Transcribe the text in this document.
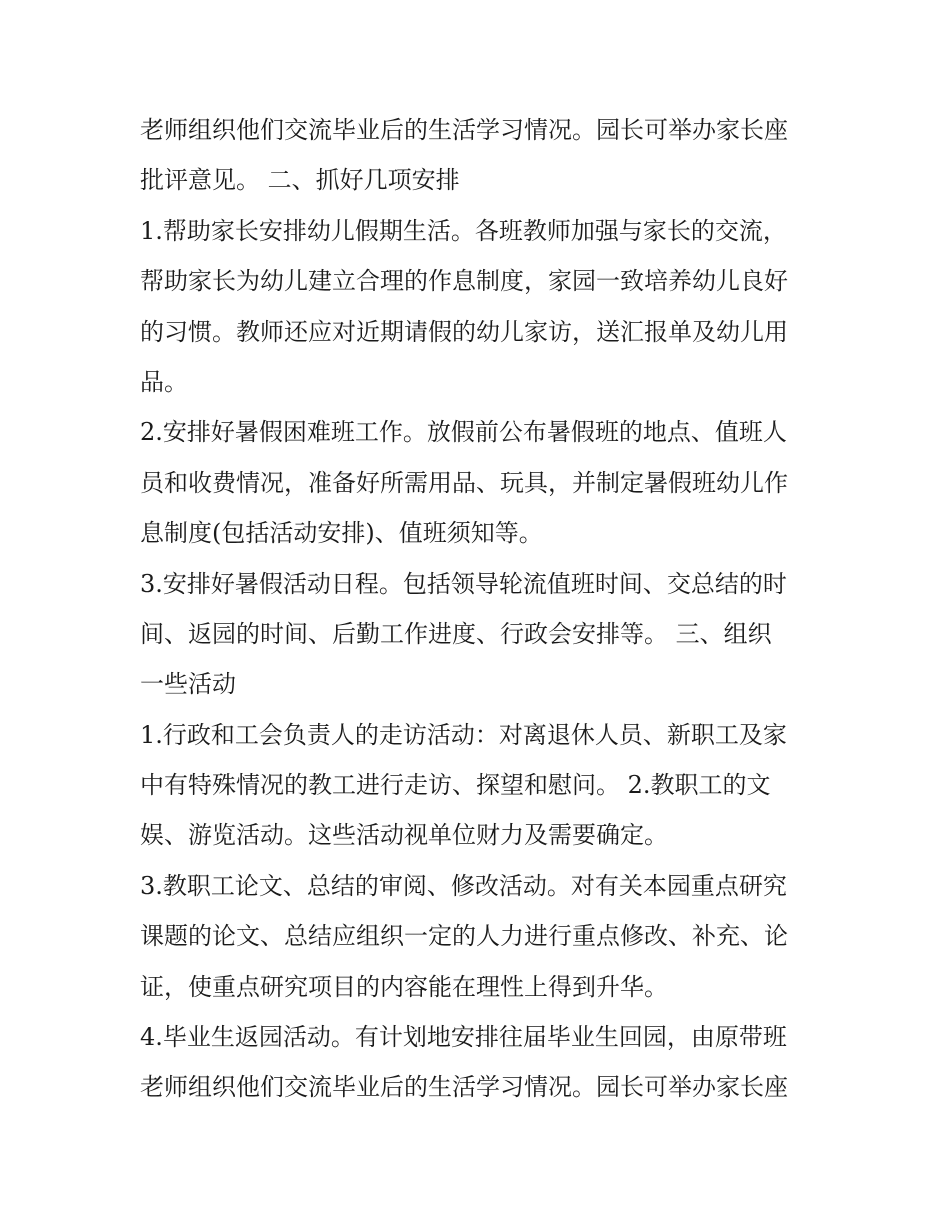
老师组织他们交流毕业后的生活学习情况。园长可举办家长座
批评意见。 二、抓好几项安排
1.帮助家长安排幼儿假期生活。各班教师加强与家长的交流，
帮助家长为幼儿建立合理的作息制度，家园一致培养幼儿良好
的习惯。教师还应对近期请假的幼儿家访，送汇报单及幼儿用
品。
2.安排好暑假困难班工作。放假前公布暑假班的地点、值班人
员和收费情况，准备好所需用品、玩具，并制定暑假班幼儿作
息制度(包括活动安排)、值班须知等。
3.安排好暑假活动日程。包括领导轮流值班时间、交总结的时
间、返园的时间、后勤工作进度、行政会安排等。 三、组织
一些活动
1.行政和工会负责人的走访活动：对离退休人员、新职工及家
中有特殊情况的教工进行走访、探望和慰问。 2.教职工的文
娱、游览活动。这些活动视单位财力及需要确定。
3.教职工论文、总结的审阅、修改活动。对有关本园重点研究
课题的论文、总结应组织一定的人力进行重点修改、补充、论
证，使重点研究项目的内容能在理性上得到升华。
4.毕业生返园活动。有计划地安排往届毕业生回园，由原带班
老师组织他们交流毕业后的生活学习情况。园长可举办家长座
